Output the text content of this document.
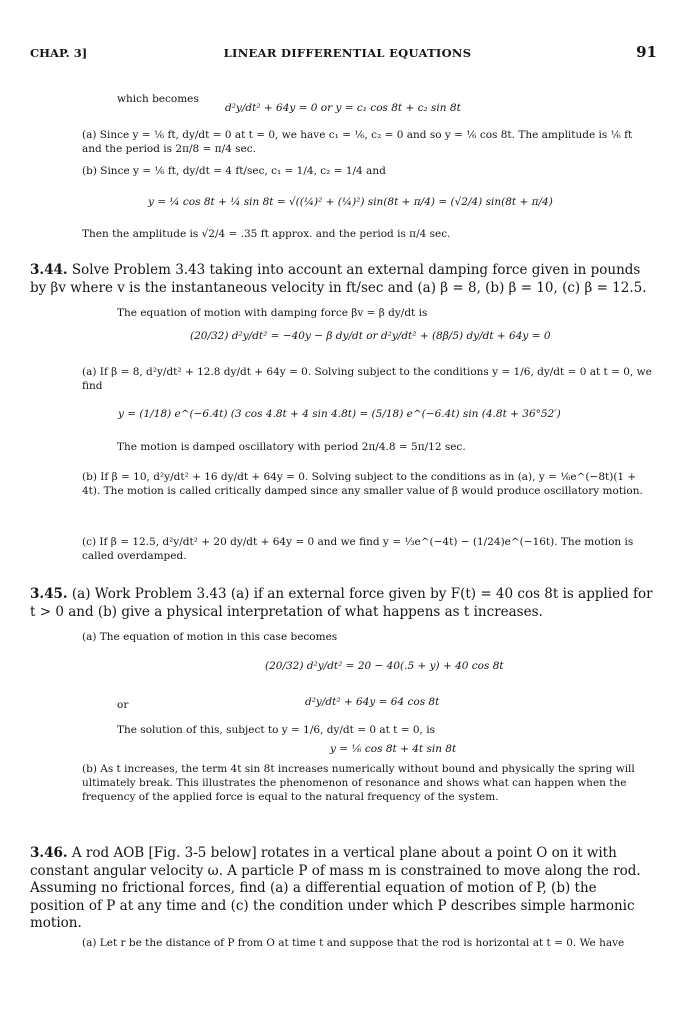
CHAP. 3]	LINEAR DIFFERENTIAL EQUATIONS	91
which becomes
d²y/dt² + 64y = 0 or y = c₁ cos 8t + c₂ sin 8t
(a) Since y = ⅙ ft, dy/dt = 0 at t = 0, we have c₁ = ⅙, c₂ = 0 and so y = ⅙ cos 8t. The amplitude is ⅙ ft and the period is 2π/8 = π/4 sec.
(b) Since y = ⅙ ft, dy/dt = 4 ft/sec, c₁ = 1/4, c₂ = 1/4 and
y = ¼ cos 8t + ¼ sin 8t = √((¼)² + (¼)²) sin(8t + π/4) = (√2/4) sin(8t + π/4)
Then the amplitude is √2/4 = .35 ft approx. and the period is π/4 sec.
3.44. Solve Problem 3.43 taking into account an external damping force given in pounds by βv where v is the instantaneous velocity in ft/sec and (a) β = 8, (b) β = 10, (c) β = 12.5.
The equation of motion with damping force βv = β dy/dt is
(20/32) d²y/dt² = −40y − β dy/dt or d²y/dt² + (8β/5) dy/dt + 64y = 0
(a) If β = 8, d²y/dt² + 12.8 dy/dt + 64y = 0. Solving subject to the conditions y = 1/6, dy/dt = 0 at t = 0, we find
y = (1/18) e^(−6.4t) (3 cos 4.8t + 4 sin 4.8t) = (5/18) e^(−6.4t) sin (4.8t + 36°52′)
The motion is damped oscillatory with period 2π/4.8 = 5π/12 sec.
(b) If β = 10, d²y/dt² + 16 dy/dt + 64y = 0. Solving subject to the conditions as in (a), y = ⅙e^(−8t)(1 + 4t). The motion is called critically damped since any smaller value of β would produce oscillatory motion.
(c) If β = 12.5, d²y/dt² + 20 dy/dt + 64y = 0 and we find y = ⅓e^(−4t) − (1/24)e^(−16t). The motion is called overdamped.
3.45. (a) Work Problem 3.43 (a) if an external force given by F(t) = 40 cos 8t is applied for t > 0 and (b) give a physical interpretation of what happens as t increases.
(a) The equation of motion in this case becomes
(20/32) d²y/dt² = 20 − 40(.5 + y) + 40 cos 8t
or	d²y/dt² + 64y = 64 cos 8t
The solution of this, subject to y = 1/6, dy/dt = 0 at t = 0, is
y = ⅙ cos 8t + 4t sin 8t
(b) As t increases, the term 4t sin 8t increases numerically without bound and physically the spring will ultimately break. This illustrates the phenomenon of resonance and shows what can happen when the frequency of the applied force is equal to the natural frequency of the system.
3.46. A rod AOB [Fig. 3-5 below] rotates in a vertical plane about a point O on it with constant angular velocity ω. A particle P of mass m is constrained to move along the rod. Assuming no frictional forces, find (a) a differential equation of motion of P, (b) the position of P at any time and (c) the condition under which P describes simple harmonic motion.
(a) Let r be the distance of P from O at time t and suppose that the rod is horizontal at t = 0. We have
